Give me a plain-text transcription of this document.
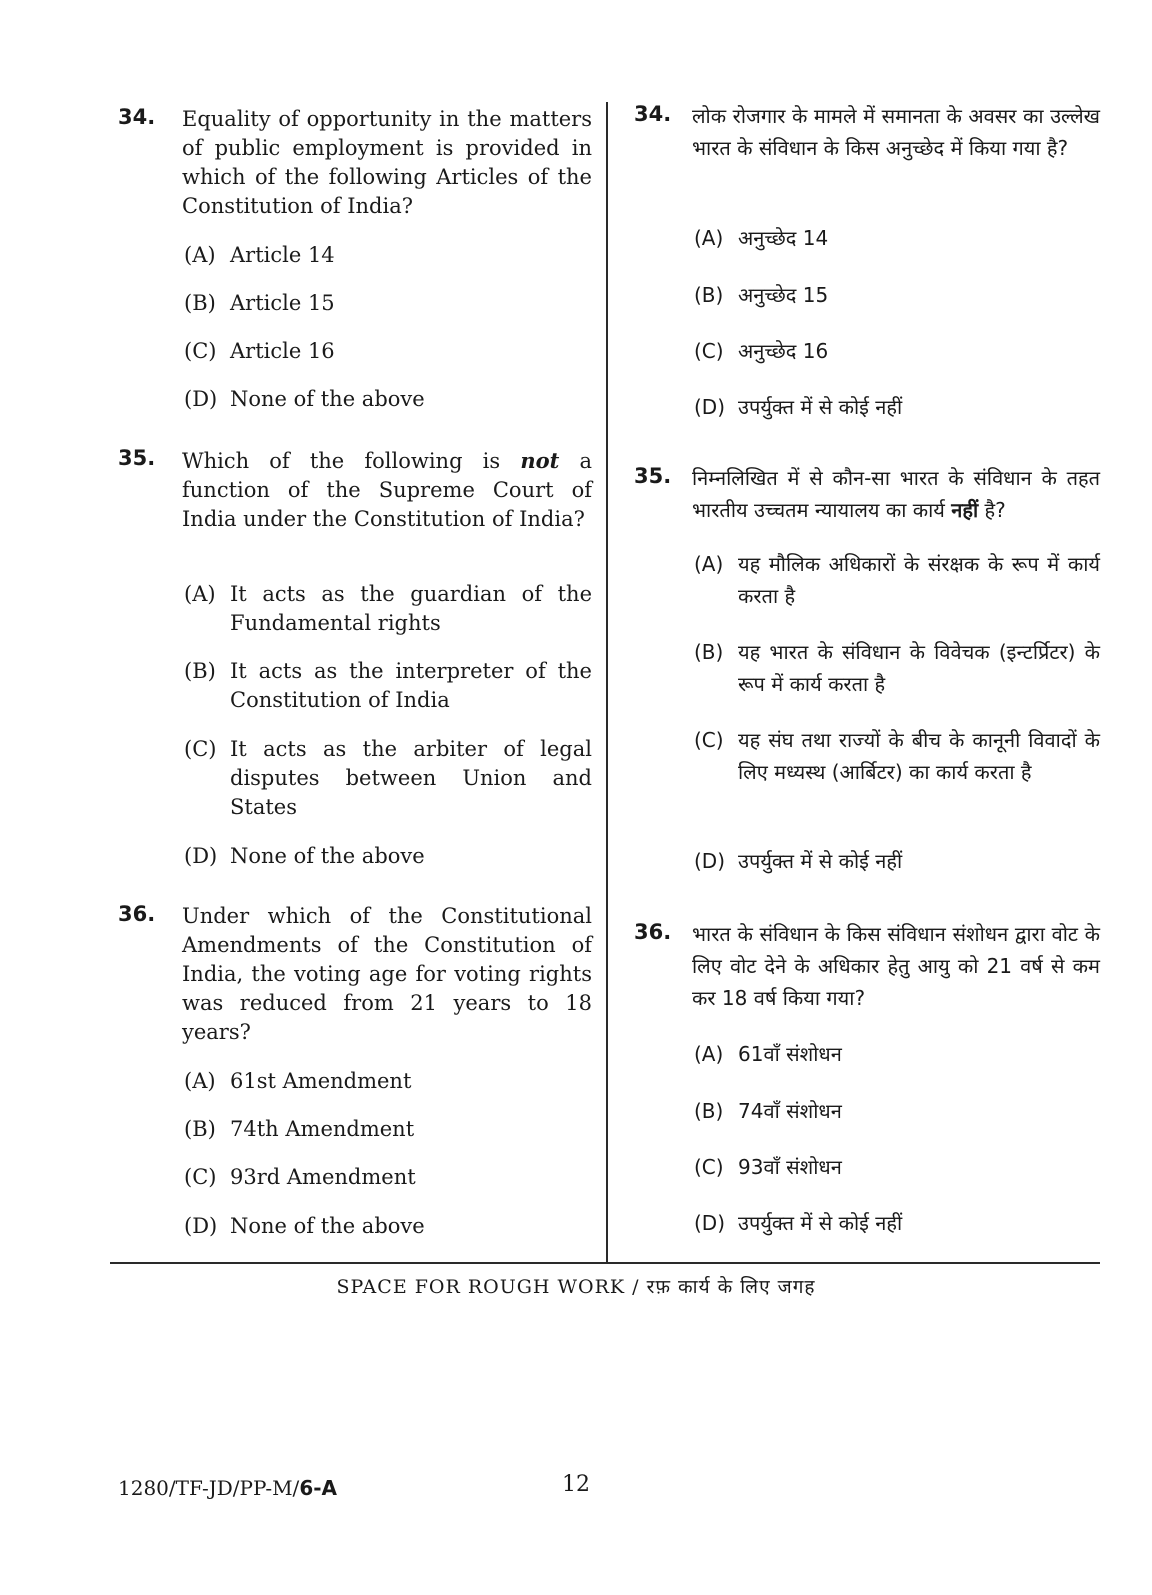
34. Equality of opportunity in the matters of public employment is provided in which of the following Articles of the Constitution of India?
(A) Article 14
(B) Article 15
(C) Article 16
(D) None of the above
35. Which of the following is not a function of the Supreme Court of India under the Constitution of India?
(A) It acts as the guardian of the Fundamental rights
(B) It acts as the interpreter of the Constitution of India
(C) It acts as the arbiter of legal disputes between Union and States
(D) None of the above
36. Under which of the Constitutional Amendments of the Constitution of India, the voting age for voting rights was reduced from 21 years to 18 years?
(A) 61st Amendment
(B) 74th Amendment
(C) 93rd Amendment
(D) None of the above
34. लोक रोजगार के मामले में समानता के अवसर का उल्लेख भारत के संविधान के किस अनुच्छेद में किया गया है?
(A) अनुच्छेद 14
(B) अनुच्छेद 15
(C) अनुच्छेद 16
(D) उपर्युक्त में से कोई नहीं
35. निम्नलिखित में से कौन-सा भारत के संविधान के तहत भारतीय उच्चतम न्यायालय का कार्य नहीं है?
(A) यह मौलिक अधिकारों के संरक्षक के रूप में कार्य करता है
(B) यह भारत के संविधान के विवेचक (इन्टर्प्रिटर) के रूप में कार्य करता है
(C) यह संघ तथा राज्यों के बीच के कानूनी विवादों के लिए मध्यस्थ (आर्बिटर) का कार्य करता है
(D) उपर्युक्त में से कोई नहीं
36. भारत के संविधान के किस संविधान संशोधन द्वारा वोट के लिए वोट देने के अधिकार हेतु आयु को 21 वर्ष से कम कर 18 वर्ष किया गया?
(A) 61वाँ संशोधन
(B) 74वाँ संशोधन
(C) 93वाँ संशोधन
(D) उपर्युक्त में से कोई नहीं
SPACE FOR ROUGH WORK / रफ़ कार्य के लिए जगह
1280/TF-JD/PP-M/6-A	12
